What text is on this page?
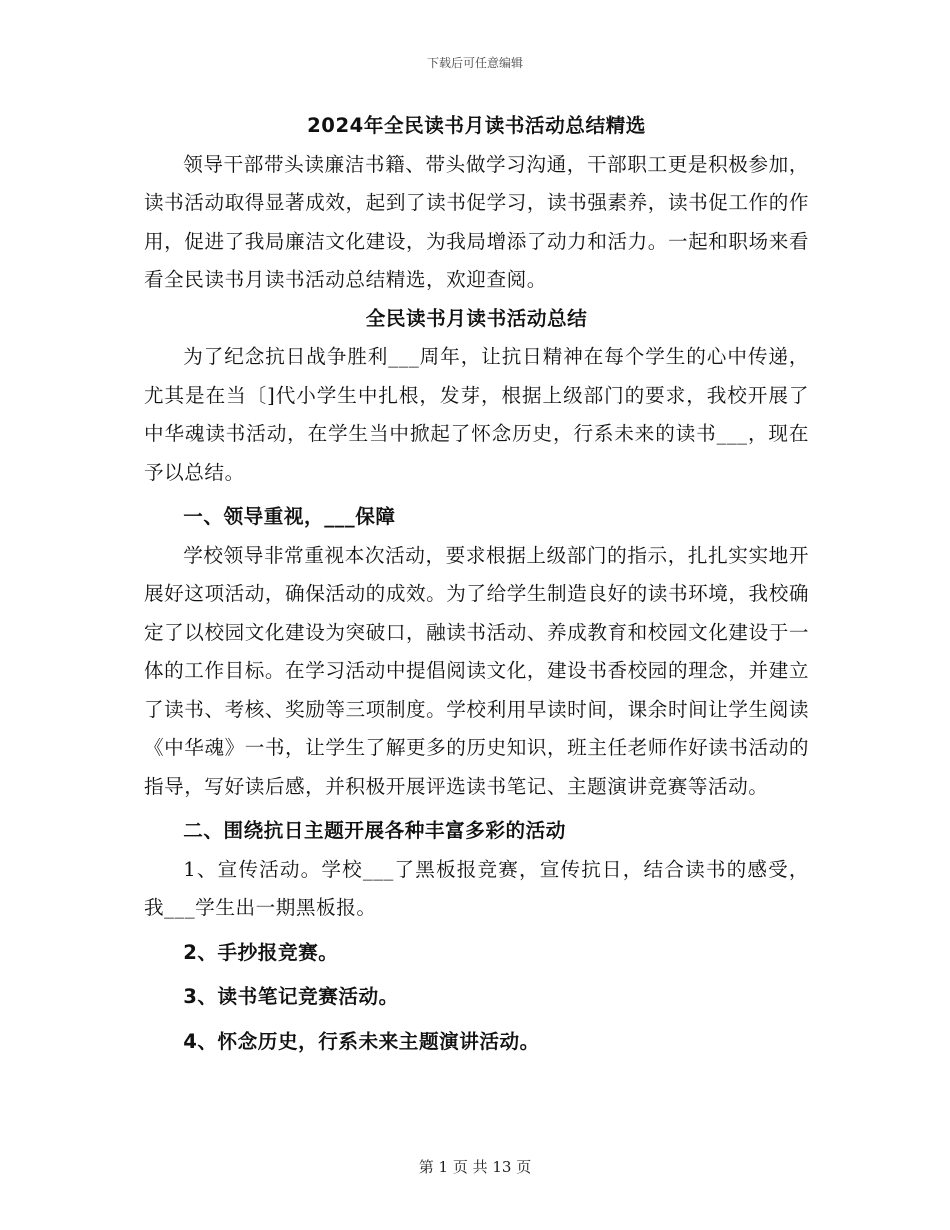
下载后可任意编辑

2024年全民读书月读书活动总结精选

领导干部带头读廉洁书籍、带头做学习沟通，干部职工更是积极参加，读书活动取得显著成效，起到了读书促学习，读书强素养，读书促工作的作用，促进了我局廉洁文化建设，为我局增添了动力和活力。一起和职场来看看全民读书月读书活动总结精选，欢迎查阅。

全民读书月读书活动总结

为了纪念抗日战争胜利___周年，让抗日精神在每个学生的心中传递，尤其是在当〔]代小学生中扎根，发芽，根据上级部门的要求，我校开展了中华魂读书活动，在学生当中掀起了怀念历史，行系未来的读书___，现在予以总结。

一、领导重视，___保障

学校领导非常重视本次活动，要求根据上级部门的指示，扎扎实实地开展好这项活动，确保活动的成效。为了给学生制造良好的读书环境，我校确定了以校园文化建设为突破口，融读书活动、养成教育和校园文化建设于一体的工作目标。在学习活动中提倡阅读文化，建设书香校园的理念，并建立了读书、考核、奖励等三项制度。学校利用早读时间，课余时间让学生阅读《中华魂》一书，让学生了解更多的历史知识，班主任老师作好读书活动的指导，写好读后感，并积极开展评选读书笔记、主题演讲竞赛等活动。

二、围绕抗日主题开展各种丰富多彩的活动

1、宣传活动。学校___了黑板报竞赛，宣传抗日，结合读书的感受，我___学生出一期黑板报。

2、手抄报竞赛。

3、读书笔记竞赛活动。

4、怀念历史，行系未来主题演讲活动。

第 1 页 共 13 页
